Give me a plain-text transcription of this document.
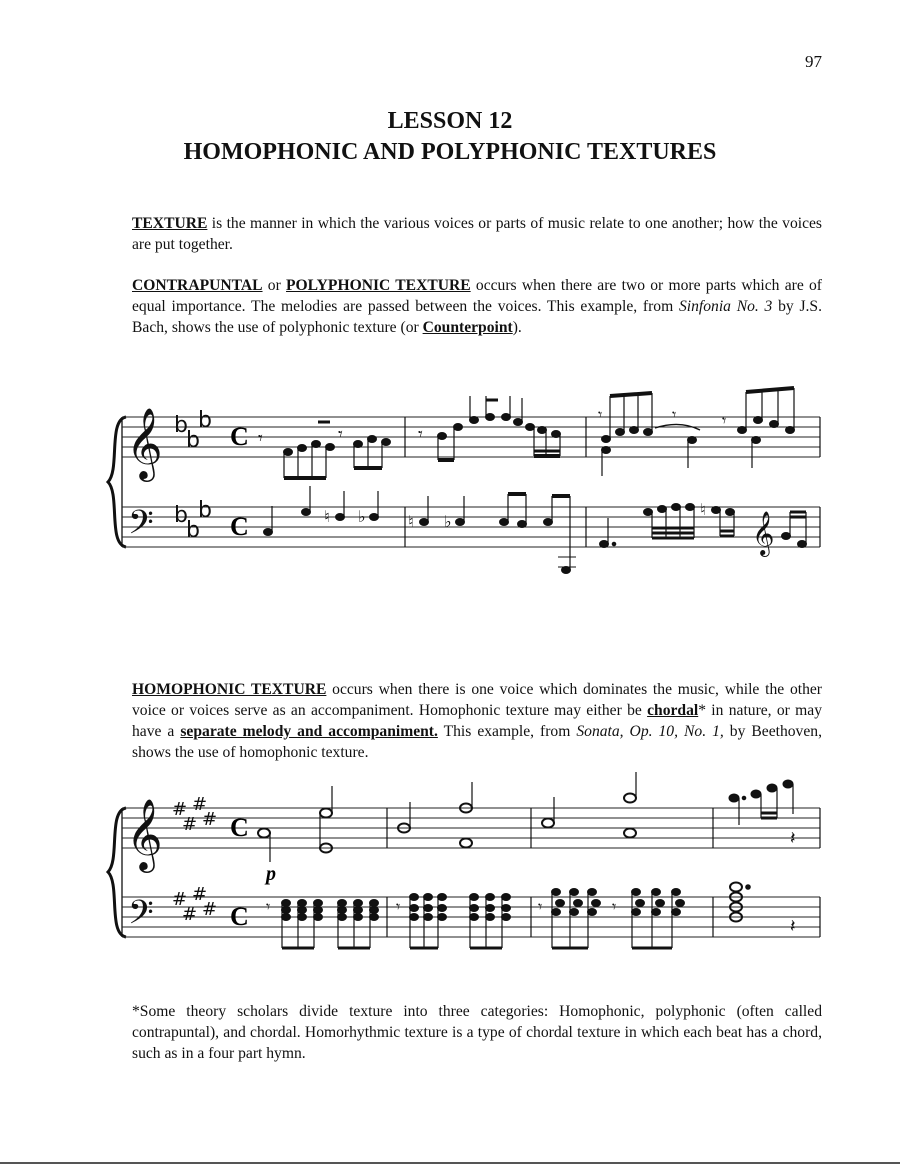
97
LESSON 12
HOMOPHONIC AND POLYPHONIC TEXTURES
TEXTURE is the manner in which the various voices or parts of music relate to one another; how the voices are put together.
CONTRAPUNTAL or POLYPHONIC TEXTURE occurs when there are two or more parts which are of equal importance. The melodies are passed between the voices. This example, from Sinfonia No. 3 by J.S. Bach, shows the use of polyphonic texture (or Counterpoint).
𝄞
𝄢
b
b
b
b
b
b
C
C
𝄾	𝄾	𝄾
𝄾	𝄾	𝄾
♮ ♭	♮ ♭
♮
𝄞
HOMOPHONIC TEXTURE occurs when there is one voice which dominates the music, while the other voice or voices serve as an accompaniment. Homophonic texture may either be chordal* in nature, or may have a separate melody and accompaniment. This example, from Sonata, Op. 10, No. 1, by Beethoven, shows the use of homophonic texture.
𝄞
𝄢
#
#
#
#
#
#
#
#
C
C
p
𝄽
𝄾	𝄾	𝄾	𝄾
𝄽
*Some theory scholars divide texture into three categories: Homophonic, polyphonic (often called contrapuntal), and chordal. Homorhythmic texture is a type of chordal texture in which each beat has a chord, such as in a four part hymn.
